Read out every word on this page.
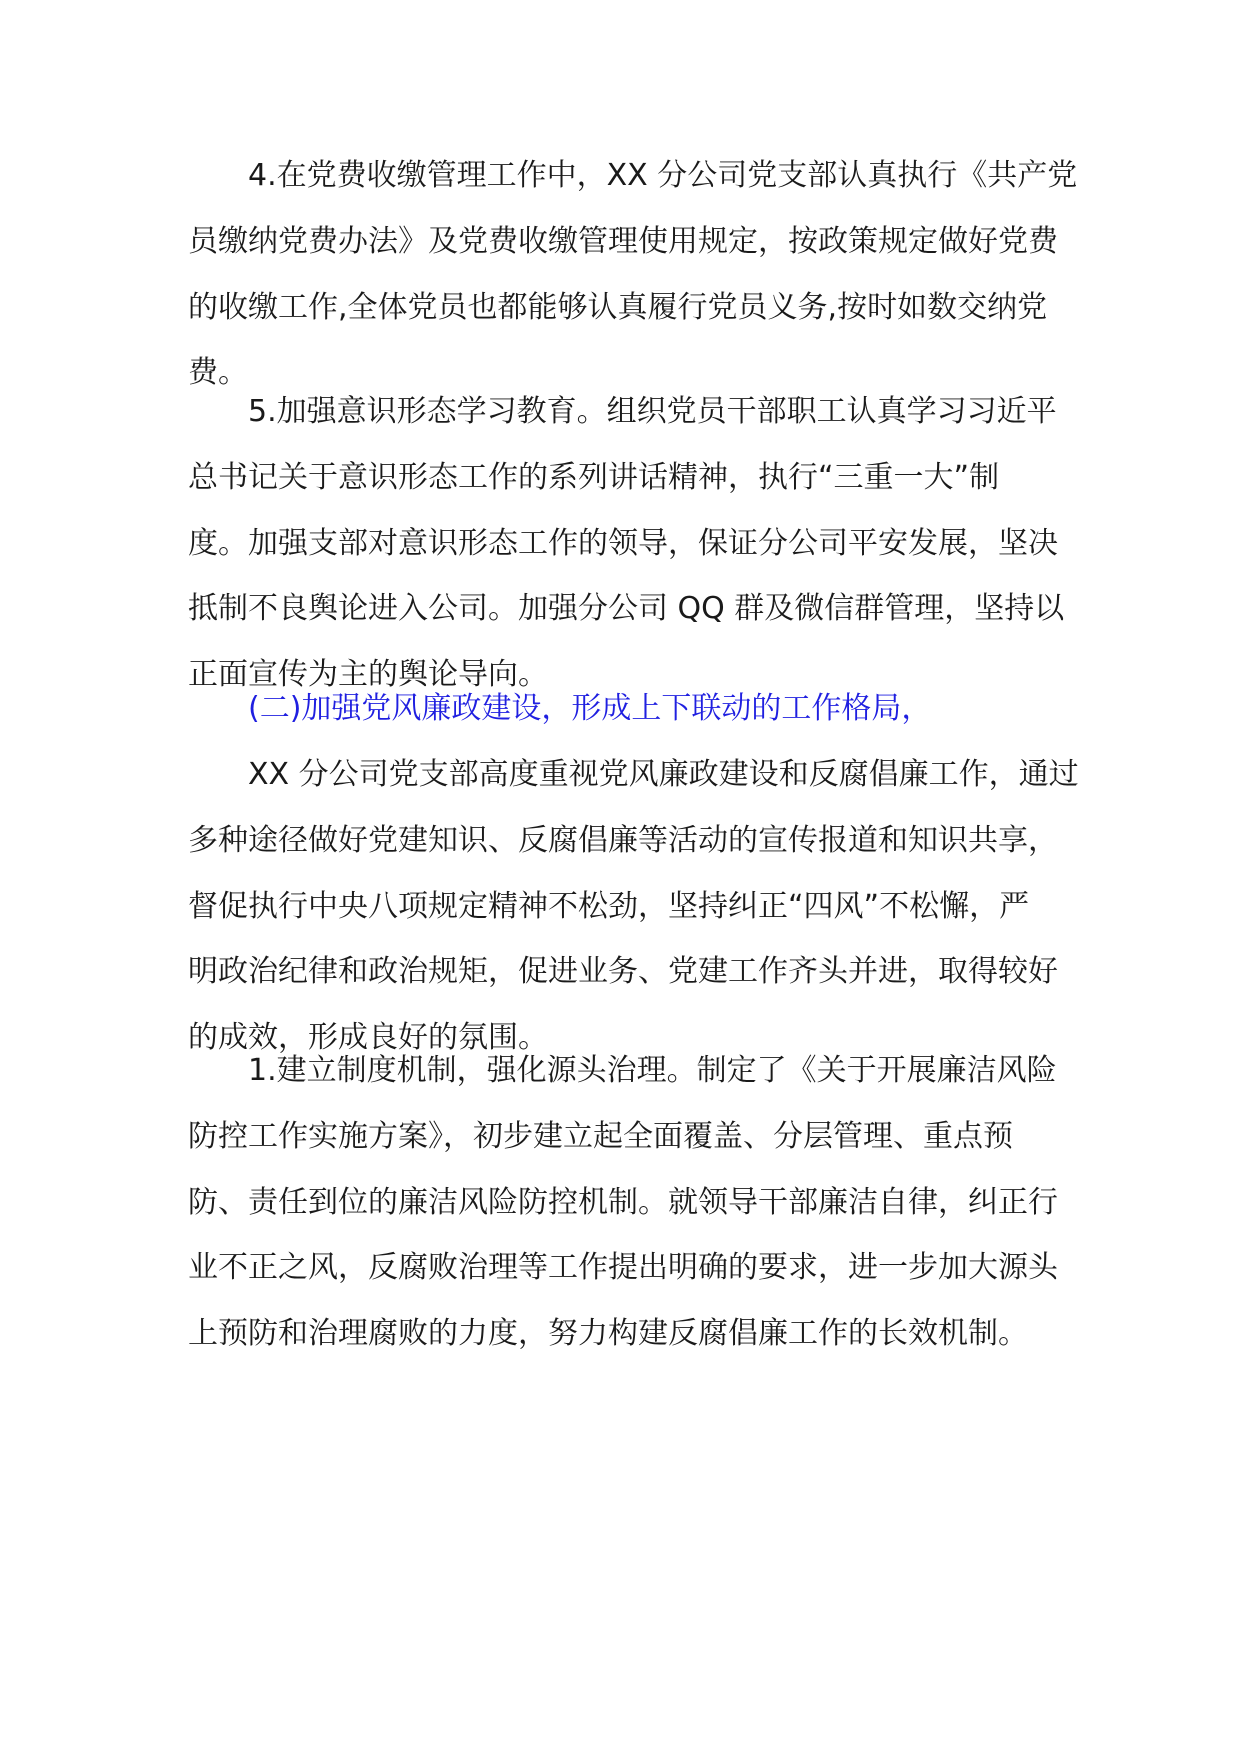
　　4.在党费收缴管理工作中，XX 分公司党支部认真执行《共产党
员缴纳党费办法》及党费收缴管理使用规定，按政策规定做好党费
的收缴工作,全体党员也都能够认真履行党员义务,按时如数交纳党
费。
　　5.加强意识形态学习教育。组织党员干部职工认真学习习近平
总书记关于意识形态工作的系列讲话精神，执行“三重一大”制
度。加强支部对意识形态工作的领导，保证分公司平安发展，坚决
抵制不良舆论进入公司。加强分公司 QQ 群及微信群管理，坚持以
正面宣传为主的舆论导向。
　　(二)加强党风廉政建设，形成上下联动的工作格局，
　　XX 分公司党支部高度重视党风廉政建设和反腐倡廉工作，通过
多种途径做好党建知识、反腐倡廉等活动的宣传报道和知识共享，
督促执行中央八项规定精神不松劲，坚持纠正“四风”不松懈，严
明政治纪律和政治规矩，促进业务、党建工作齐头并进，取得较好
的成效，形成良好的氛围。
　　1.建立制度机制，强化源头治理。制定了《关于开展廉洁风险
防控工作实施方案》，初步建立起全面覆盖、分层管理、重点预
防、责任到位的廉洁风险防控机制。就领导干部廉洁自律，纠正行
业不正之风，反腐败治理等工作提出明确的要求，进一步加大源头
上预防和治理腐败的力度，努力构建反腐倡廉工作的长效机制。
